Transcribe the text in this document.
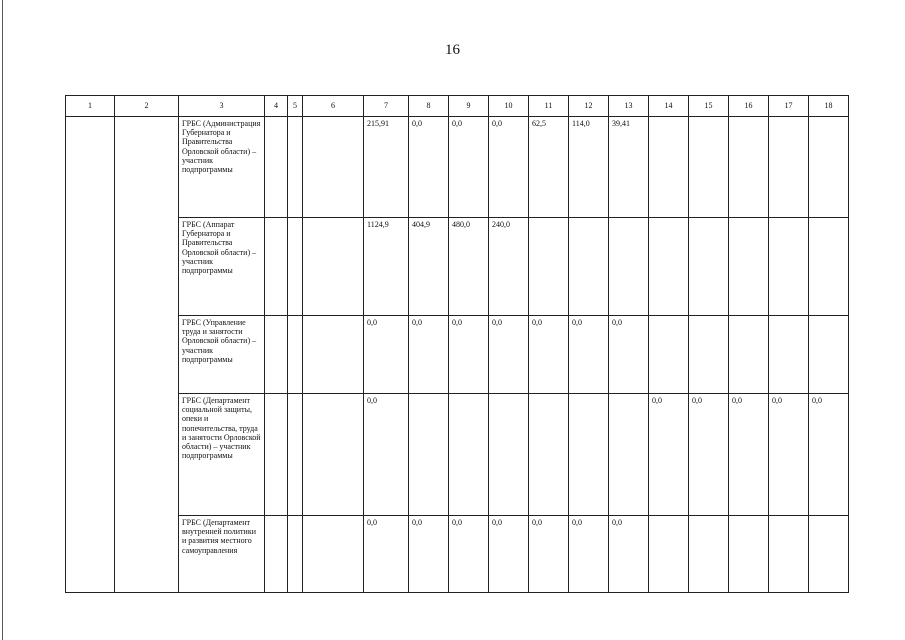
16
1	2	3	4	5	6	7	8	9	10	11	12	13	14	15	16	17	18
		ГРБС (Администрация Губернатора и Правительства Орловской области) – участник подпрограммы				215,91	0,0	0,0	0,0	62,5	114,0	39,41					
		ГРБС (Аппарат Губернатора и Правительства Орловской области) – участник подпрограммы				1124,9	404,9	480,0	240,0								
		ГРБС (Управление труда и занятости Орловской области) – участник подпрограммы				0,0	0,0	0,0	0,0	0,0	0,0	0,0					
		ГРБС (Департамент социальной защиты, опеки и попечительства, труда и занятости Орловской области) – участник подпрограммы				0,0							0,0	0,0	0,0	0,0	0,0
		ГРБС (Департамент внутренней политики и развития местного самоуправления				0,0	0,0	0,0	0,0	0,0	0,0	0,0					
